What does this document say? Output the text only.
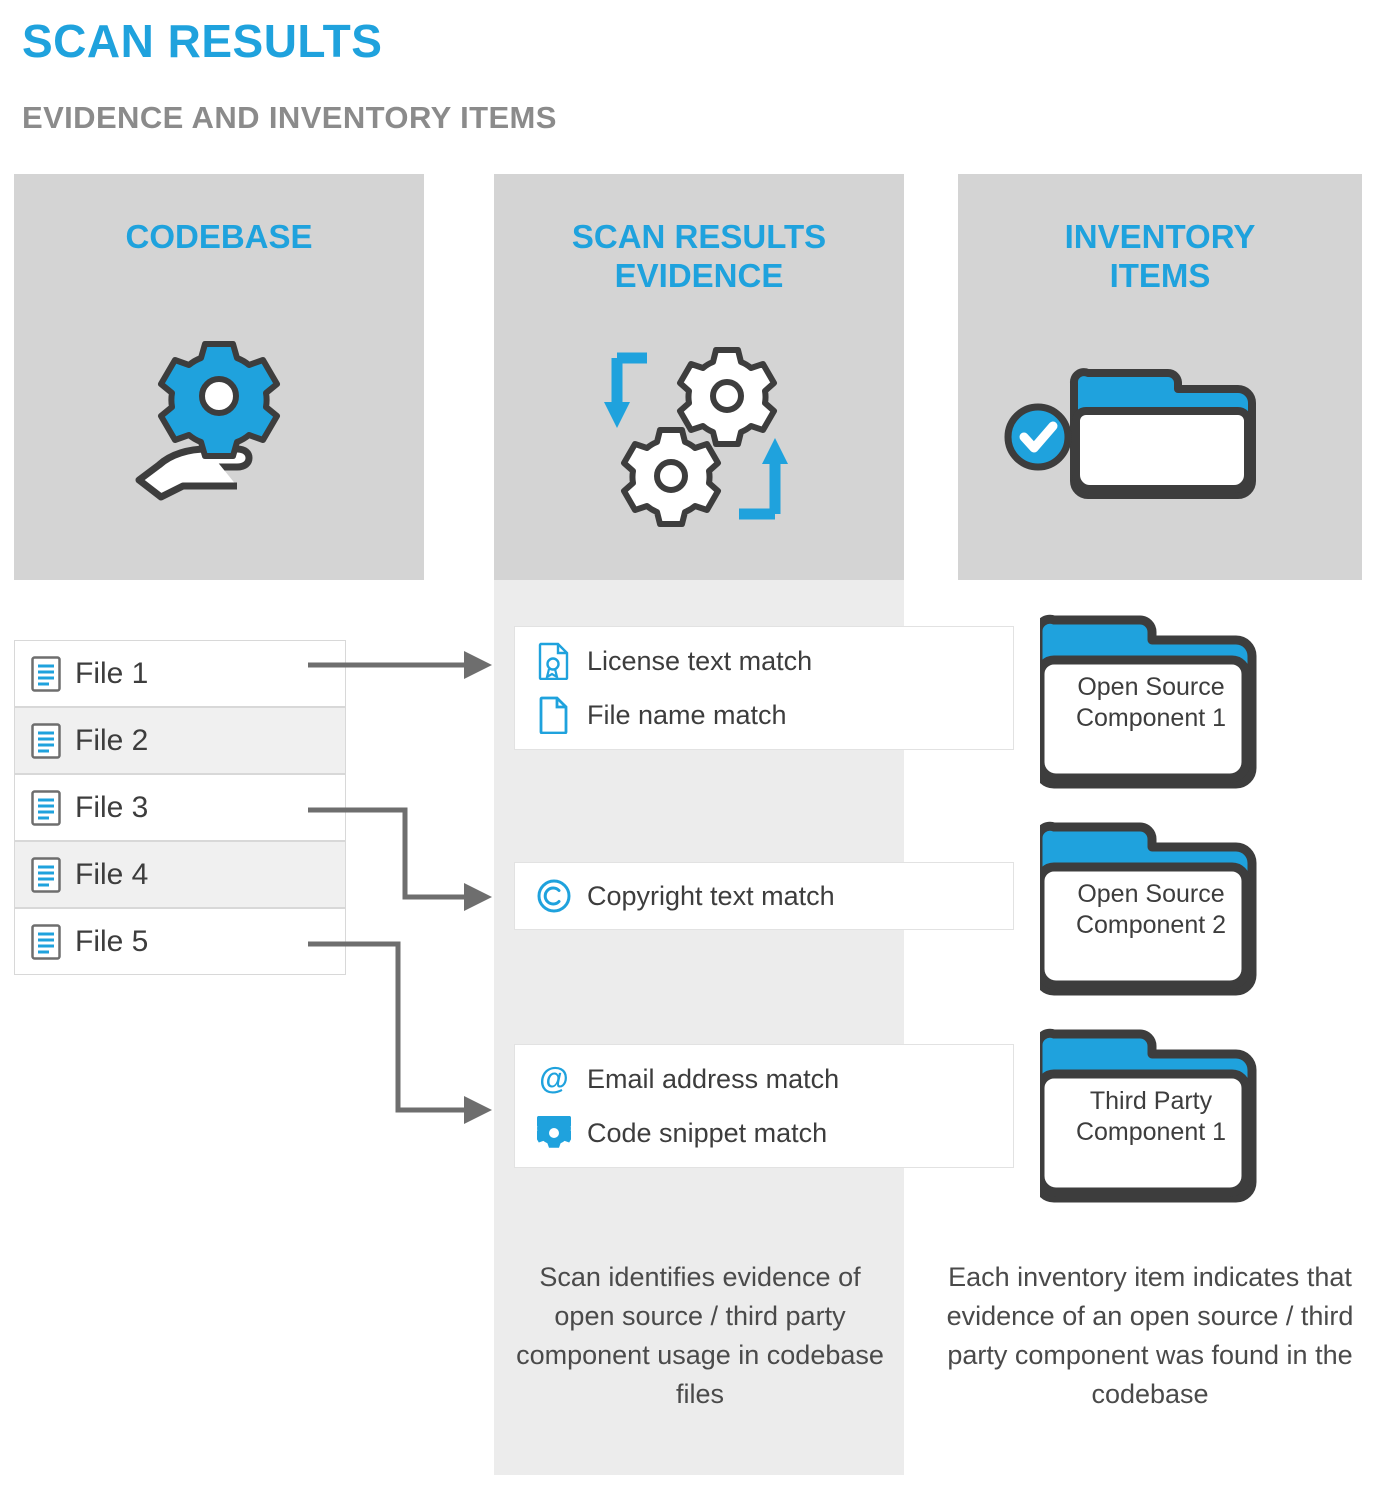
SCAN RESULTS
EVIDENCE AND INVENTORY ITEMS
CODEBASE	SCAN RESULTS
EVIDENCE
INVENTORY
ITEMS
File 1
File 2
File 3
File 4
File 5
License text match
File name match
Copyright text match
@ Email address match
Code snippet match
Open Source
Component 1
Open Source
Component 2
Third Party
Component 1
Scan identifies evidence of open source / third party component usage in codebase files
Each inventory item indicates that evidence of an open source / third party component was found in the codebase
